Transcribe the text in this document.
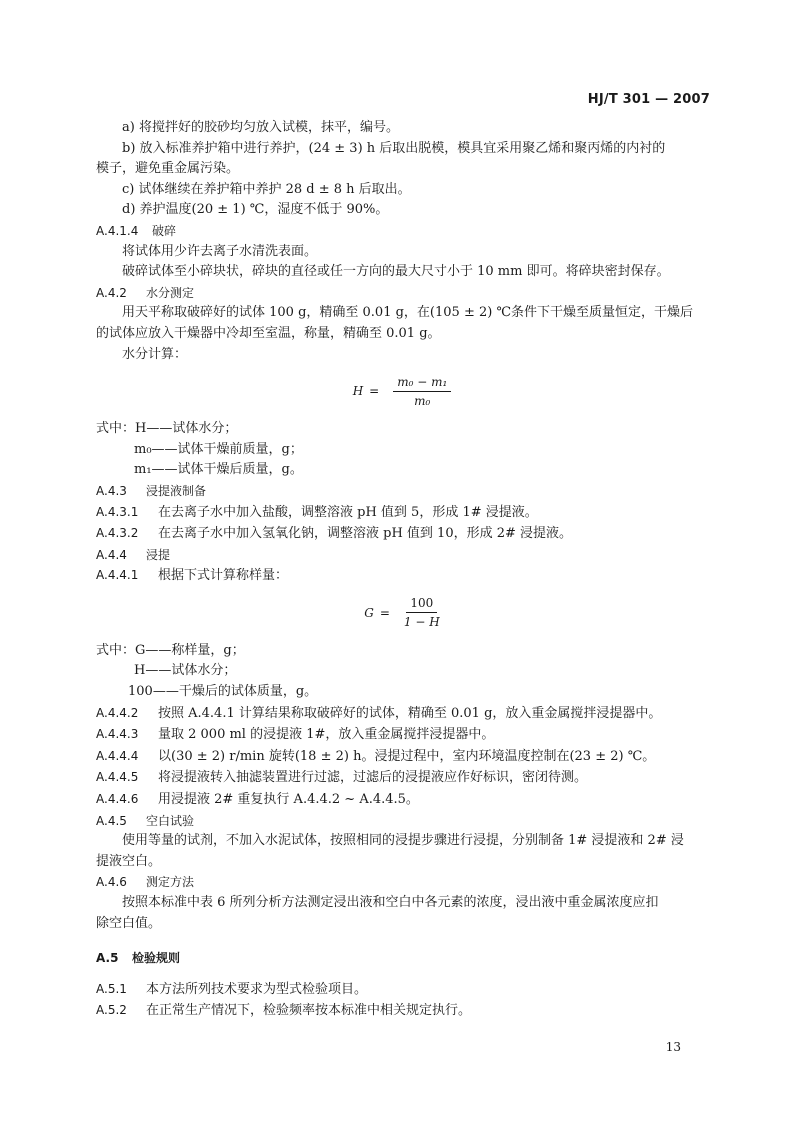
HJ/T 301 — 2007

a) 将搅拌好的胶砂均匀放入试模，抹平，编号。

b) 放入标准养护箱中进行养护，(24 ± 3) h 后取出脱模，模具宜采用聚乙烯和聚丙烯的内衬的

模子，避免重金属污染。

c) 试体继续在养护箱中养护 28 d ± 8 h 后取出。

d) 养护温度(20 ± 1) ℃，湿度不低于 90%。

A.4.1.4 破碎

将试体用少许去离子水清洗表面。

破碎试体至小碎块状，碎块的直径或任一方向的最大尺寸小于 10 mm 即可。将碎块密封保存。

A.4.2 水分测定

用天平称取破碎好的试体 100 g，精确至 0.01 g，在(105 ± 2) ℃条件下干燥至质量恒定，干燥后

的试体应放入干燥器中冷却至室温，称量，精确至 0.01 g。

水分计算：

$H = \frac{\text{m₀ − m₁}}{\text{m₀}}$

式中：H——试体水分；

m₀——试体干燥前质量，g；

m₁——试体干燥后质量，g。

A.4.3 浸提液制备

A.4.3.1 在去离子水中加入盐酸，调整溶液 pH 值到 5，形成 1# 浸提液。

A.4.3.2 在去离子水中加入氢氧化钠，调整溶液 pH 值到 10，形成 2# 浸提液。

A.4.4 浸提

A.4.4.1 根据下式计算称样量：

$G = \frac{100}{1 - H}$

式中：G——称样量，g；

H——试体水分；

100——干燥后的试体质量，g。

A.4.4.2 按照 A.4.4.1 计算结果称取破碎好的试体，精确至 0.01 g，放入重金属搅拌浸提器中。

A.4.4.3 量取 2 000 ml 的浸提液 1#，放入重金属搅拌浸提器中。

A.4.4.4 以(30 ± 2) r/min 旋转(18 ± 2) h。浸提过程中，室内环境温度控制在(23 ± 2) ℃。

A.4.4.5 将浸提液转入抽滤装置进行过滤，过滤后的浸提液应作好标识，密闭待测。

A.4.4.6 用浸提液 2# 重复执行 A.4.4.2 ~ A.4.4.5。

A.4.5 空白试验

使用等量的试剂，不加入水泥试体，按照相同的浸提步骤进行浸提，分别制备 1# 浸提液和 2# 浸

提液空白。

A.4.6 测定方法

按照本标准中表 6 所列分析方法测定浸出液和空白中各元素的浓度，浸出液中重金属浓度应扣

除空白值。

A.5 检验规则

A.5.1 本方法所列技术要求为型式检验项目。

A.5.2 在正常生产情况下，检验频率按本标准中相关规定执行。

13
